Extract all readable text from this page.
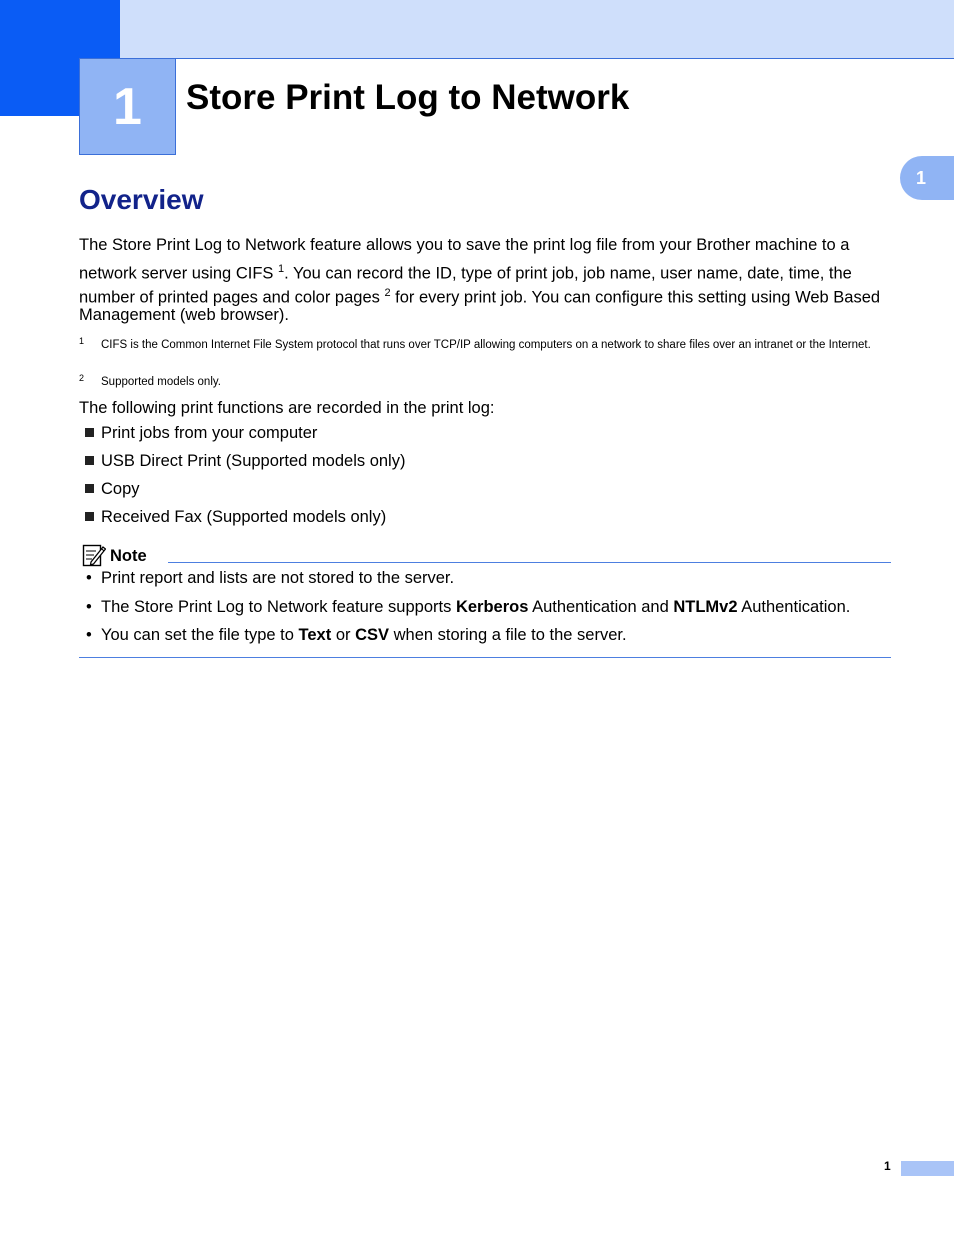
1 Store Print Log to Network
1
Overview

The Store Print Log to Network feature allows you to save the print log file from your Brother machine to a

network server using CIFS $^1$. You can record the ID, type of print job, job name, user name, date, time, the

number of printed pages and color pages $^2$ for every print job. You can configure this setting using Web Based

Management (web browser).

1 CIFS is the Common Internet File System protocol that runs over TCP/IP allowing computers on a network to share files over an intranet or the Internet.
2 Supported models only.

The following print functions are recorded in the print log:

Print jobs from your computer
USB Direct Print (Supported models only)
Copy
Received Fax (Supported models only)
Note
• Print report and lists are not stored to the server.
• The Store Print Log to Network feature supports Kerberos Authentication and NTLMv2 Authentication.
• You can set the file type to Text or CSV when storing a file to the server.
1
